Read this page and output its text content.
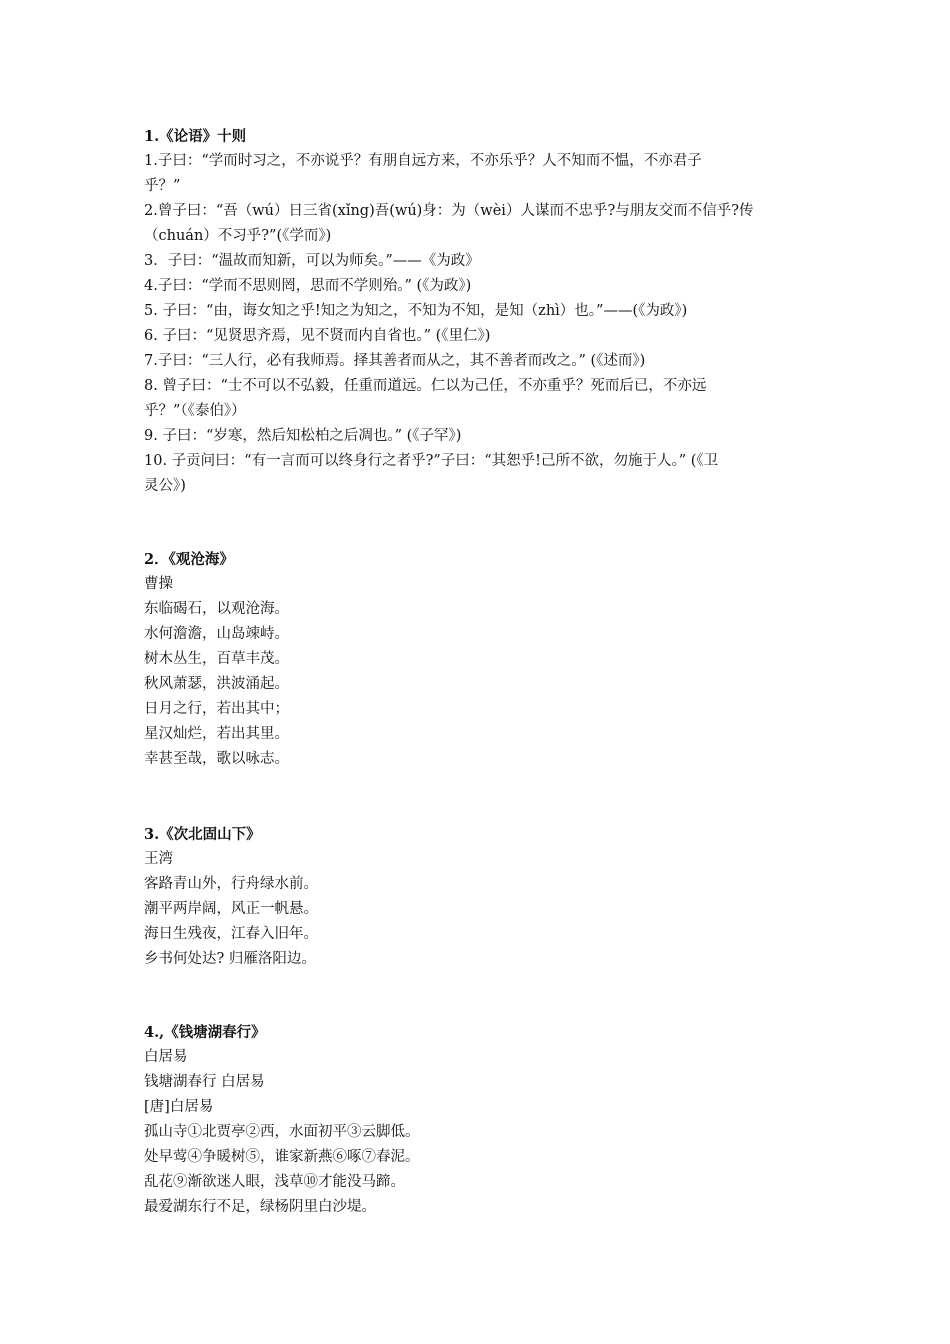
1.《论语》十则

1.子曰：“学而时习之，不亦说乎？有朋自远方来，不亦乐乎？人不知而不愠，不亦君子

乎？”

2.曾子曰：“吾（wú）日三省(xǐng)吾(wú)身：为（wèi）人谋而不忠乎?与朋友交而不信乎?传

（chuán）不习乎?”(《学而》)

3．子曰：“温故而知新，可以为师矣。”——《为政》

4.子曰：“学而不思则罔，思而不学则殆。” (《为政》)

5. 子曰：“由，诲女知之乎!知之为知之，不知为不知，是知（zhì）也。”——(《为政》)

6. 子曰：“见贤思齐焉，见不贤而内自省也。” (《里仁》)

7.子曰：“三人行，必有我师焉。择其善者而从之，其不善者而改之。” (《述而》)

8. 曾子曰：“士不可以不弘毅，任重而道远。仁以为己任，不亦重乎？死而后已，不亦远

乎？”（《泰伯》）

9. 子曰：“岁寒，然后知松柏之后凋也。” (《子罕》)

10. 子贡问曰：“有一言而可以终身行之者乎?”子曰：“其恕乎!己所不欲，勿施于人。” (《卫

灵公》)

2．《观沧海》

曹操

东临碣石，以观沧海。

水何澹澹，山岛竦峙。

树木丛生，百草丰茂。

秋风萧瑟，洪波涌起。

日月之行，若出其中；

星汉灿烂，若出其里。

幸甚至哉，歌以咏志。

3.《次北固山下》

王湾

客路青山外，行舟绿水前。

潮平两岸阔，风正一帆悬。

海日生残夜，江春入旧年。

乡书何处达? 归雁洛阳边。

4.,《钱塘湖春行》

白居易

钱塘湖春行 白居易

[唐]白居易

孤山寺①北贾亭②西，水面初平③云脚低。

处早莺④争暖树⑤，谁家新燕⑥啄⑦春泥。

乱花⑨渐欲迷人眼，浅草⑩才能没马蹄。

最爱湖东行不足，绿杨阴里白沙堤。
